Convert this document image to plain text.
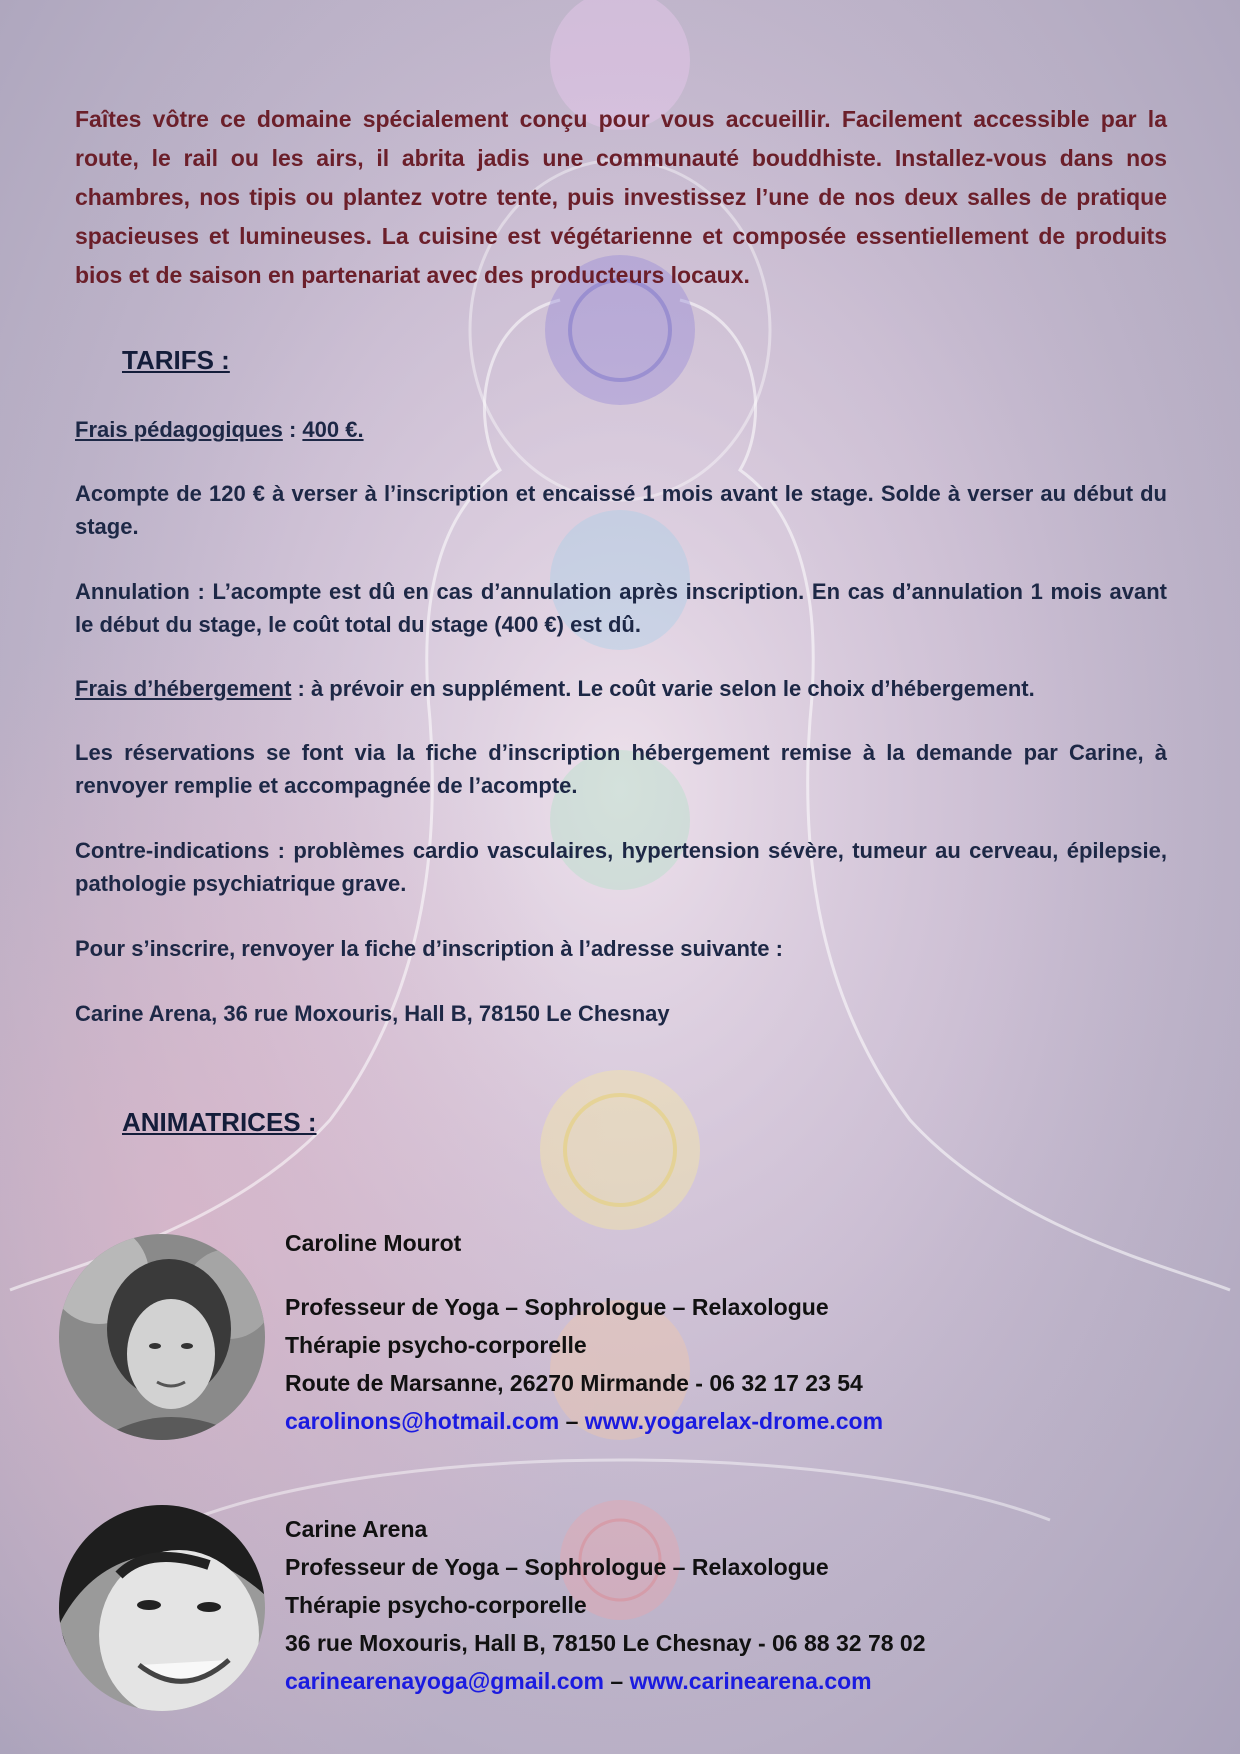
Faîtes vôtre ce domaine spécialement conçu pour vous accueillir. Facilement accessible par la route, le rail ou les airs, il abrita jadis une communauté bouddhiste. Installez-vous dans nos chambres, nos tipis ou plantez votre tente, puis investissez l’une de nos deux salles de pratique spacieuses et lumineuses. La cuisine est végétarienne et composée essentiellement de produits bios et de saison en partenariat avec des producteurs locaux.

TARIFS :

Frais pédagogiques : 400 €.

Acompte de 120 € à verser à l’inscription et encaissé 1 mois avant le stage. Solde à verser au début du stage.

Annulation : L’acompte est dû en cas d’annulation après inscription. En cas d’annulation 1 mois avant le début du stage, le coût total du stage (400 €) est dû.

Frais d’hébergement : à prévoir en supplément. Le coût varie selon le choix d’hébergement.

Les réservations se font via la fiche d’inscription hébergement remise à la demande par Carine, à renvoyer remplie et accompagnée de l’acompte.

Contre-indications : problèmes cardio vasculaires, hypertension sévère, tumeur au cerveau, épilepsie, pathologie psychiatrique grave.

Pour s’inscrire, renvoyer la fiche d’inscription à l’adresse suivante :

Carine Arena, 36 rue Moxouris, Hall B, 78150 Le Chesnay

ANIMATRICES :

Caroline Mourot

Professeur de Yoga – Sophrologue – Relaxologue

Thérapie psycho-corporelle

Route de Marsanne, 26270 Mirmande - 06 32 17 23 54

carolinons@hotmail.com – www.yogarelax-drome.com

Carine Arena

Professeur de Yoga – Sophrologue – Relaxologue

Thérapie psycho-corporelle

36 rue Moxouris, Hall B, 78150 Le Chesnay - 06 88 32 78 02

carinearenayoga@gmail.com – www.carinearena.com
